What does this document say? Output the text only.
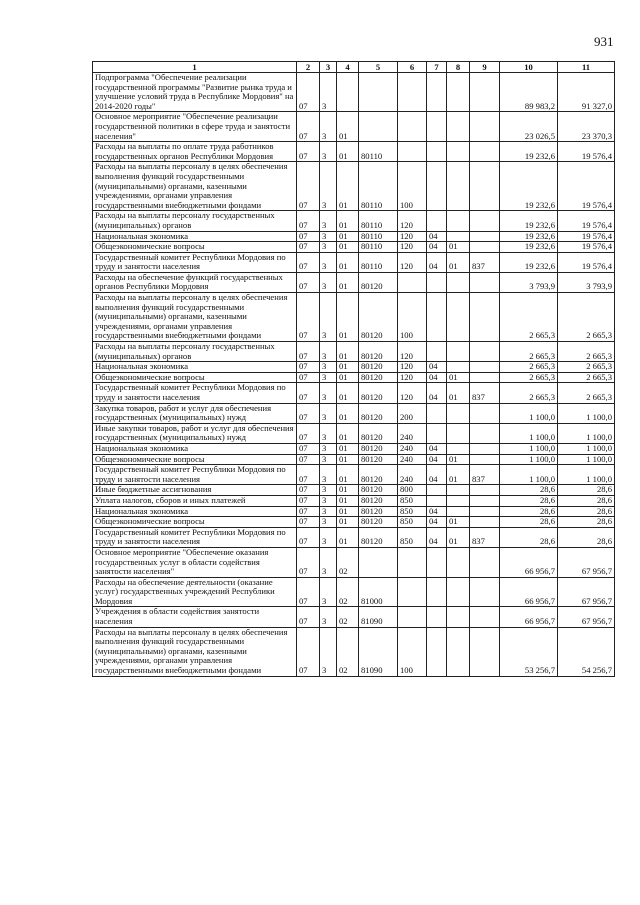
931
1	2	3	4	5	6	7	8	9	10	11
Подпрограмма "Обеспечение реализации государственной программы "Развитие рынка труда и улучшение условий труда в Республике Мордовия" на 2014-2020 годы"	07	3							89 983,2	91 327,0
Основное мероприятие "Обеспечение реализации государственной политики в сфере труда и занятости населения"	07	3	01						23 026,5	23 370,3
Расходы на выплаты по оплате труда работников государственных органов Республики Мордовия	07	3	01	80110					19 232,6	19 576,4
Расходы на выплаты персоналу в целях обеспечения выполнения функций государственными (муниципальными) органами, казенными учреждениями, органами управления государственными внебюджетными фондами	07	3	01	80110	100				19 232,6	19 576,4
Расходы на выплаты персоналу государственных (муниципальных) органов	07	3	01	80110	120				19 232,6	19 576,4
Национальная экономика	07	3	01	80110	120	04			19 232,6	19 576,4
Общеэкономические вопросы	07	3	01	80110	120	04	01		19 232,6	19 576,4
Государственный комитет Республики Мордовия по труду и занятости населения	07	3	01	80110	120	04	01	837	19 232,6	19 576,4
Расходы на обеспечение функций государственных органов Республики Мордовия	07	3	01	80120					3 793,9	3 793,9
Расходы на выплаты персоналу в целях обеспечения выполнения функций государственными (муниципальными) органами, казенными учреждениями, органами управления государственными внебюджетными фондами	07	3	01	80120	100				2 665,3	2 665,3
Расходы на выплаты персоналу государственных (муниципальных) органов	07	3	01	80120	120				2 665,3	2 665,3
Национальная экономика	07	3	01	80120	120	04			2 665,3	2 665,3
Общеэкономические вопросы	07	3	01	80120	120	04	01		2 665,3	2 665,3
Государственный комитет Республики Мордовия по труду и занятости населения	07	3	01	80120	120	04	01	837	2 665,3	2 665,3
Закупка товаров, работ и услуг для обеспечения государственных (муниципальных) нужд	07	3	01	80120	200				1 100,0	1 100,0
Иные закупки товаров, работ и услуг для обеспечения государственных (муниципальных) нужд	07	3	01	80120	240				1 100,0	1 100,0
Национальная экономика	07	3	01	80120	240	04			1 100,0	1 100,0
Общеэкономические вопросы	07	3	01	80120	240	04	01		1 100,0	1 100,0
Государственный комитет Республики Мордовия по труду и занятости населения	07	3	01	80120	240	04	01	837	1 100,0	1 100,0
Иные бюджетные ассигнования	07	3	01	80120	800				28,6	28,6
Уплата налогов, сборов и иных платежей	07	3	01	80120	850				28,6	28,6
Национальная экономика	07	3	01	80120	850	04			28,6	28,6
Общеэкономические вопросы	07	3	01	80120	850	04	01		28,6	28,6
Государственный комитет Республики Мордовия по труду и занятости населения	07	3	01	80120	850	04	01	837	28,6	28,6
Основное мероприятие "Обеспечение оказания государственных услуг в области содействия занятости населения"	07	3	02						66 956,7	67 956,7
Расходы на обеспечение деятельности (оказание услуг) государственных учреждений Республики Мордовия	07	3	02	81000					66 956,7	67 956,7
Учреждения в области содействия занятости населения	07	3	02	81090					66 956,7	67 956,7
Расходы на выплаты персоналу в целях обеспечения выполнения функций государственными (муниципальными) органами, казенными учреждениями, органами управления государственными внебюджетными фондами	07	3	02	81090	100				53 256,7	54 256,7
